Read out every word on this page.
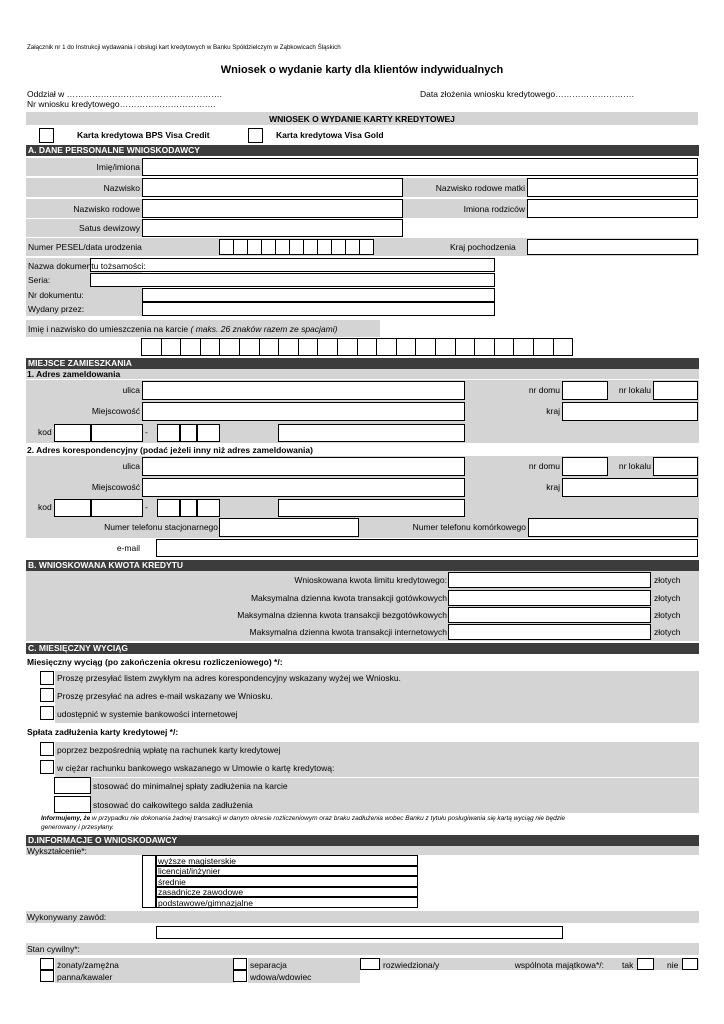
Załącznik nr 1 do Instrukcji wydawania i obsługi kart kredytowych w Banku Spółdzielczym w Ząbkowicach Śląskich
Wniosek o wydanie karty dla klientów indywidualnych
Oddział w ……………………………………………….	Data złożenia wniosku kredytowego……………………….
Nr wniosku kredytowego…………………………….
WNIOSEK O WYDANIE KARTY KREDYTOWEJ
Karta kredytowa BPS Visa Credit	Karta kredytowa Visa Gold
A. DANE PERSONALNE WNIOSKODAWCY
Imię/imiona
Nazwisko	Nazwisko rodowe matki
Nazwisko rodowe	Imiona rodziców
Satus dewizowy
Numer PESEL/data urodzenia	Kraj pochodzenia
Nazwa dokumentu tożsamości:
Seria:
Nr dokumentu:
Wydany przez:
Imię i nazwisko do umieszczenia na karcie ( maks. 26 znaków razem ze spacjami)
MIEJSCE ZAMIESZKANIA
1. Adres zameldowania
ulica	nr domu	nr lokalu
Miejscowość	kraj
kod	-
2. Adres korespondencyjny (podać jeżeli inny niż adres zameldowania)
ulica	nr domu	nr lokalu
Miejscowość	kraj
kod	-
Numer telefonu stacjonarnego	Numer telefonu komórkowego
e-mail
B. WNIOSKOWANA KWOTA KREDYTU
Wnioskowana kwota limitu kredytowego:	złotych
Maksymalna dzienna kwota transakcji gotówkowych	złotych
Maksymalna dzienna kwota transakcji bezgotówkowych	złotych
Maksymalna dzienna kwota transakcji internetowych	złotych
C. MIESIĘCZNY WYCIĄG
Miesięczny wyciąg (po zakończenia okresu rozliczeniowego) */:
Proszę przesyłać listem zwykłym na adres korespondencyjny wskazany wyżej we Wniosku.
Proszę przesyłać na adres e-mail wskazany we Wniosku.
udostępnić w systemie bankowości internetowej
Spłata zadłużenia karty kredytowej */:
poprzez bezpośrednią wpłatę na rachunek karty kredytowej
w ciężar rachunku bankowego wskazanego w Umowie o kartę kredytową:
stosować do minimalnej spłaty zadłużenia na karcie
stosować do całkowitego salda zadłużenia
Informujemy, że w przypadku nie dokonania żadnej transakcji w danym okresie rozliczeniowym oraz braku zadłużenia wobec Banku z tytułu posługiwania się kartą wyciąg nie będzie
generowany i przesyłany.
D.INFORMACJE O WNIOSKODAWCY
Wykształcenie*:
wyższe magisterskie
licencjat/inżynier
średnie
zasadnicze zawodowe
podstawowe/gimnazjalne
Wykonywany zawód:
Stan cywilny*:
żonaty/zamężna
panna/kawaler
separacja
wdowa/wdowiec
rozwiedziona/y	wspólnota majątkowa*/: tak	nie
